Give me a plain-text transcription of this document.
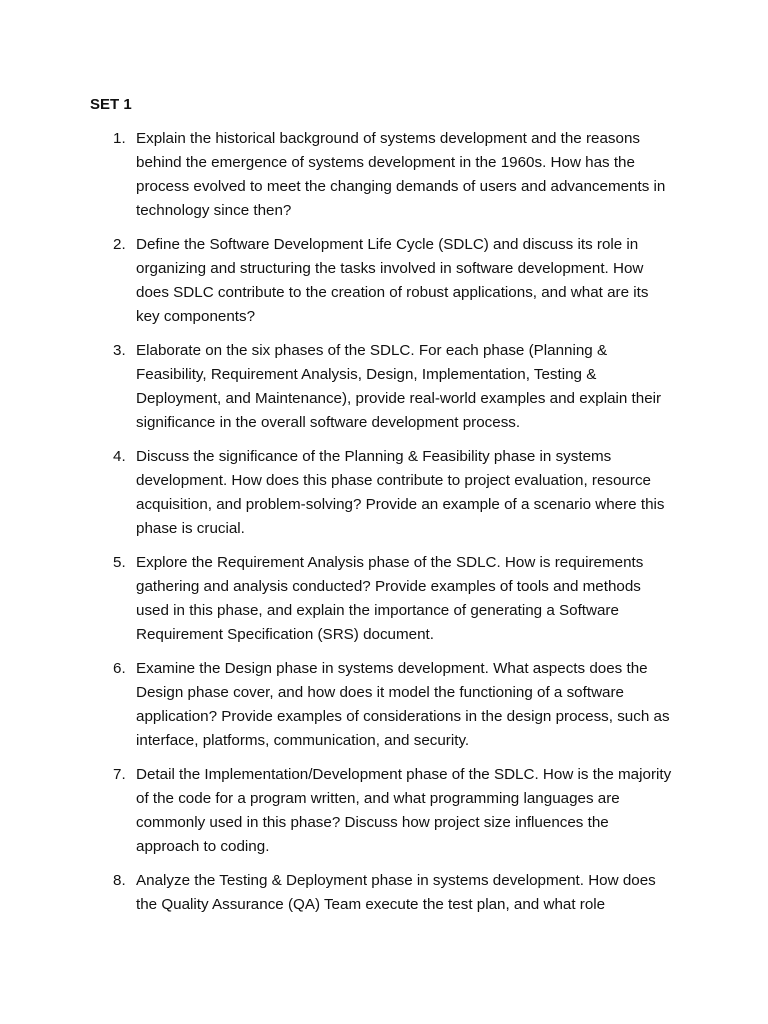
SET 1
1. Explain the historical background of systems development and the reasons behind the emergence of systems development in the 1960s. How has the process evolved to meet the changing demands of users and advancements in technology since then?
2. Define the Software Development Life Cycle (SDLC) and discuss its role in organizing and structuring the tasks involved in software development. How does SDLC contribute to the creation of robust applications, and what are its key components?
3. Elaborate on the six phases of the SDLC. For each phase (Planning & Feasibility, Requirement Analysis, Design, Implementation, Testing & Deployment, and Maintenance), provide real-world examples and explain their significance in the overall software development process.
4. Discuss the significance of the Planning & Feasibility phase in systems development. How does this phase contribute to project evaluation, resource acquisition, and problem-solving? Provide an example of a scenario where this phase is crucial.
5. Explore the Requirement Analysis phase of the SDLC. How is requirements gathering and analysis conducted? Provide examples of tools and methods used in this phase, and explain the importance of generating a Software Requirement Specification (SRS) document.
6. Examine the Design phase in systems development. What aspects does the Design phase cover, and how does it model the functioning of a software application? Provide examples of considerations in the design process, such as interface, platforms, communication, and security.
7. Detail the Implementation/Development phase of the SDLC. How is the majority of the code for a program written, and what programming languages are commonly used in this phase? Discuss how project size influences the approach to coding.
8. Analyze the Testing & Deployment phase in systems development. How does the Quality Assurance (QA) Team execute the test plan, and what role
